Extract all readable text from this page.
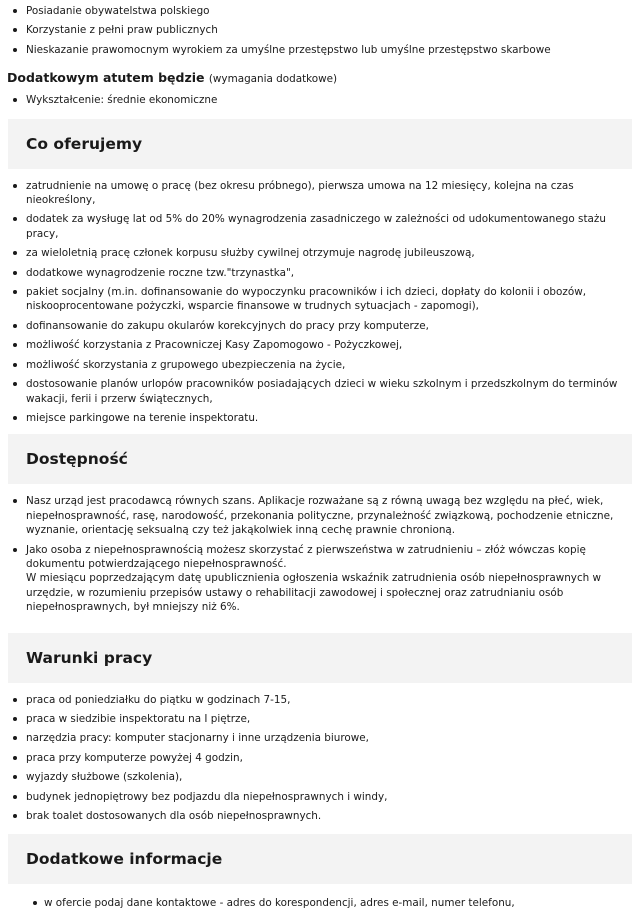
Posiadanie obywatelstwa polskiego
Korzystanie z pełni praw publicznych
Nieskazanie prawomocnym wyrokiem za umyślne przestępstwo lub umyślne przestępstwo skarbowe
Dodatkowym atutem będzie (wymagania dodatkowe)
Wykształcenie: średnie ekonomiczne
Co oferujemy
zatrudnienie na umowę o pracę (bez okresu próbnego), pierwsza umowa na 12 miesięcy, kolejna na czas nieokreślony,
dodatek za wysługę lat od 5% do 20% wynagrodzenia zasadniczego w zależności od udokumentowanego stażu pracy,
za wieloletnią pracę członek korpusu służby cywilnej otrzymuje nagrodę jubileuszową,
dodatkowe wynagrodzenie roczne tzw."trzynastka",
pakiet socjalny (m.in. dofinansowanie do wypoczynku pracowników i ich dzieci, dopłaty do kolonii i obozów, niskooprocentowane pożyczki, wsparcie finansowe w trudnych sytuacjach - zapomogi),
dofinansowanie do zakupu okularów korekcyjnych do pracy przy komputerze,
możliwość korzystania z Pracowniczej Kasy Zapomogowo - Pożyczkowej,
możliwość skorzystania z grupowego ubezpieczenia na życie,
dostosowanie planów urlopów pracowników posiadających dzieci w wieku szkolnym i przedszkolnym do terminów wakacji, ferii i przerw świątecznych,
miejsce parkingowe na terenie inspektoratu.
Dostępność
Nasz urząd jest pracodawcą równych szans. Aplikacje rozważane są z równą uwagą bez względu na płeć, wiek, niepełnosprawność, rasę, narodowość, przekonania polityczne, przynależność związkową, pochodzenie etniczne, wyznanie, orientację seksualną czy też jakąkolwiek inną cechę prawnie chronioną.
Jako osoba z niepełnosprawnością możesz skorzystać z pierwszeństwa w zatrudnieniu – złóż wówczas kopię dokumentu potwierdzającego niepełnosprawność.
W miesiącu poprzedzającym datę upublicznienia ogłoszenia wskaźnik zatrudnienia osób niepełnosprawnych w urzędzie, w rozumieniu przepisów ustawy o rehabilitacji zawodowej i społecznej oraz zatrudnianiu osób niepełnosprawnych, był mniejszy niż 6%.
Warunki pracy
praca od poniedziałku do piątku w godzinach 7-15,
praca w siedzibie inspektoratu na I piętrze,
narzędzia pracy: komputer stacjonarny i inne urządzenia biurowe,
praca przy komputerze powyżej 4 godzin,
wyjazdy służbowe (szkolenia),
budynek jednopiętrowy bez podjazdu dla niepełnosprawnych i windy,
brak toalet dostosowanych dla osób niepełnosprawnych.
Dodatkowe informacje
w ofercie podaj dane kontaktowe - adres do korespondencji, adres e-mail, numer telefonu,
